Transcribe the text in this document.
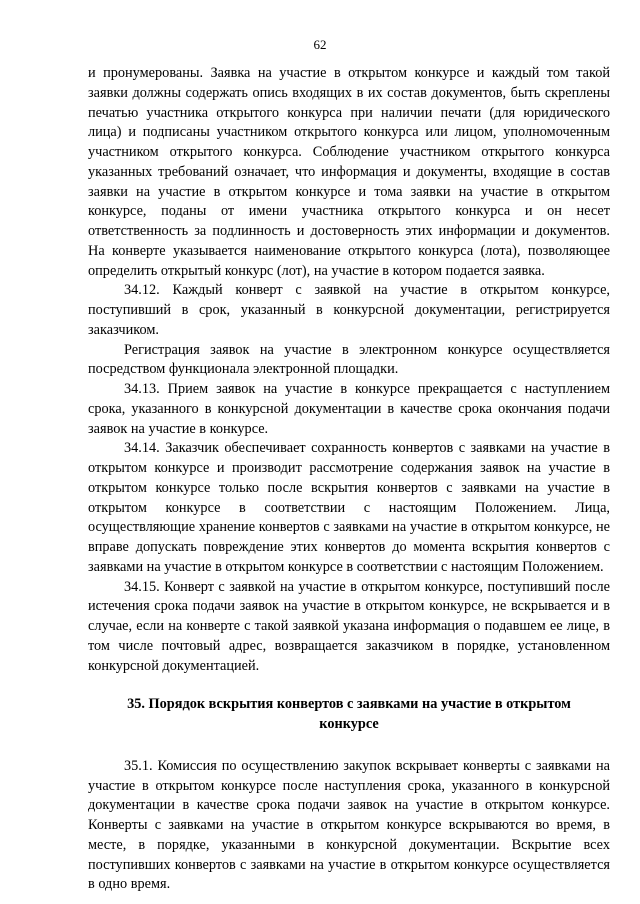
62

и пронумерованы. Заявка на участие в открытом конкурсе и каждый том такой заявки должны содержать опись входящих в их состав документов, быть скреплены печатью участника открытого конкурса при наличии печати (для юридического лица) и подписаны участником открытого конкурса или лицом, уполномоченным участником открытого конкурса. Соблюдение участником открытого конкурса указанных требований означает, что информация и документы, входящие в состав заявки на участие в открытом конкурсе и тома заявки на участие в открытом конкурсе, поданы от имени участника открытого конкурса и он несет ответственность за подлинность и достоверность этих информации и документов. На конверте указывается наименование открытого конкурса (лота), позволяющее определить открытый конкурс (лот), на участие в котором подается заявка.

34.12. Каждый конверт с заявкой на участие в открытом конкурсе, поступивший в срок, указанный в конкурсной документации, регистрируется заказчиком.

Регистрация заявок на участие в электронном конкурсе осуществляется посредством функционала электронной площадки.

34.13. Прием заявок на участие в конкурсе прекращается с наступлением срока, указанного в конкурсной документации в качестве срока окончания подачи заявок на участие в конкурсе.

34.14. Заказчик обеспечивает сохранность конвертов с заявками на участие в открытом конкурсе и производит рассмотрение содержания заявок на участие в открытом конкурсе только после вскрытия конвертов с заявками на участие в открытом конкурсе в соответствии с настоящим Положением. Лица, осуществляющие хранение конвертов с заявками на участие в открытом конкурсе, не вправе допускать повреждение этих конвертов до момента вскрытия конвертов с заявками на участие в открытом конкурсе в соответствии с настоящим Положением.

34.15. Конверт с заявкой на участие в открытом конкурсе, поступивший после истечения срока подачи заявок на участие в открытом конкурсе, не вскрывается и в случае, если на конверте с такой заявкой указана информация о подавшем ее лице, в том числе почтовый адрес, возвращается заказчиком в порядке, установленном конкурсной документацией.

35. Порядок вскрытия конвертов с заявками на участие в открытом
конкурсе

35.1. Комиссия по осуществлению закупок вскрывает конверты с заявками на участие в открытом конкурсе после наступления срока, указанного в конкурсной документации в качестве срока подачи заявок на участие в открытом конкурсе. Конверты с заявками на участие в открытом конкурсе вскрываются во время, в месте, в порядке, указанными в конкурсной документации. Вскрытие всех поступивших конвертов с заявками на участие в открытом конкурсе осуществляется в одно время.
